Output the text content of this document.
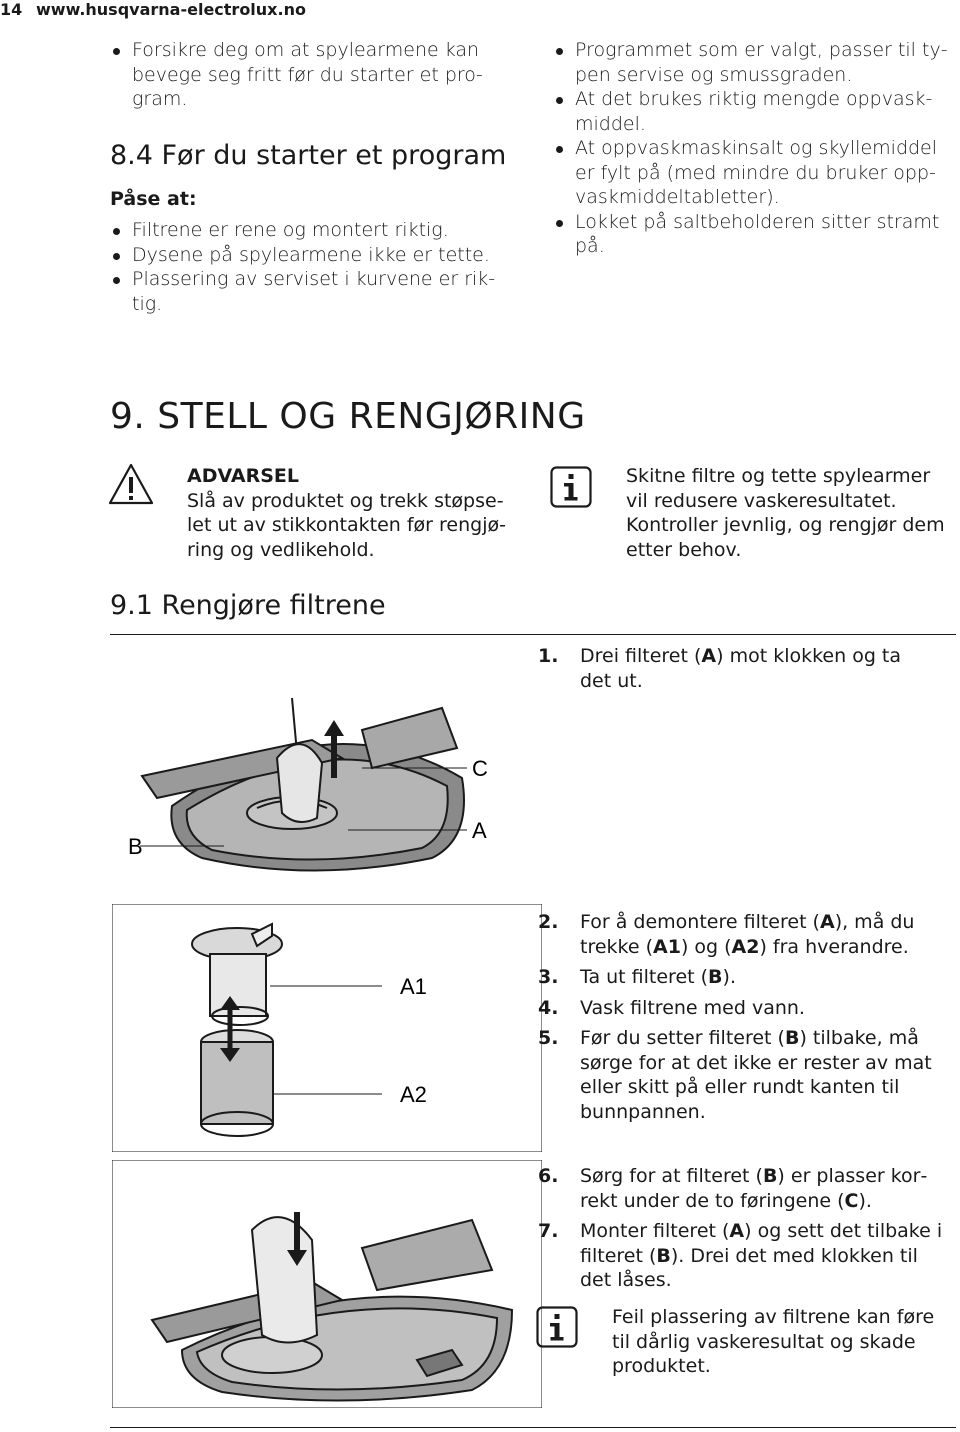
14 www.husqvarna-electrolux.no
Forsikre deg om at spylearmene kan bevege seg fritt før du starter et program.
8.4 Før du starter et program
Påse at:
Filtrene er rene og montert riktig.
Dysene på spylearmene ikke er tette.
Plassering av serviset i kurvene er riktig.
Programmet som er valgt, passer til typen servise og smussgraden.
At det brukes riktig mengde oppvaskmiddel.
At oppvaskmaskinsalt og skyllemiddel er fylt på (med mindre du bruker oppvaskmiddeltabletter).
Lokket på saltbeholderen sitter stramt på.
9. STELL OG RENGJØRING
ADVARSEL
Slå av produktet og trekk støpselet ut av stikkontakten før rengjøring og vedlikehold.
Skitne filtre og tette spylearmer vil redusere vaskeresultatet. Kontroller jevnlig, og rengjør dem etter behov.
9.1 Rengjøre filtrene
1. Drei filteret (A) mot klokken og ta det ut.
C
B
A
A1
A2
2. For å demontere filteret (A), må du trekke (A1) og (A2) fra hverandre.
3. Ta ut filteret (B).
4. Vask filtrene med vann.
5. Før du setter filteret (B) tilbake, må sørge for at det ikke er rester av mat eller skitt på eller rundt kanten til bunnpannen.
6. Sørg for at filteret (B) er plasser korrekt under de to føringene (C).
7. Monter filteret (A) og sett det tilbake i filteret (B). Drei det med klokken til det låses.
Feil plassering av filtrene kan føre til dårlig vaskeresultat og skade produktet.
